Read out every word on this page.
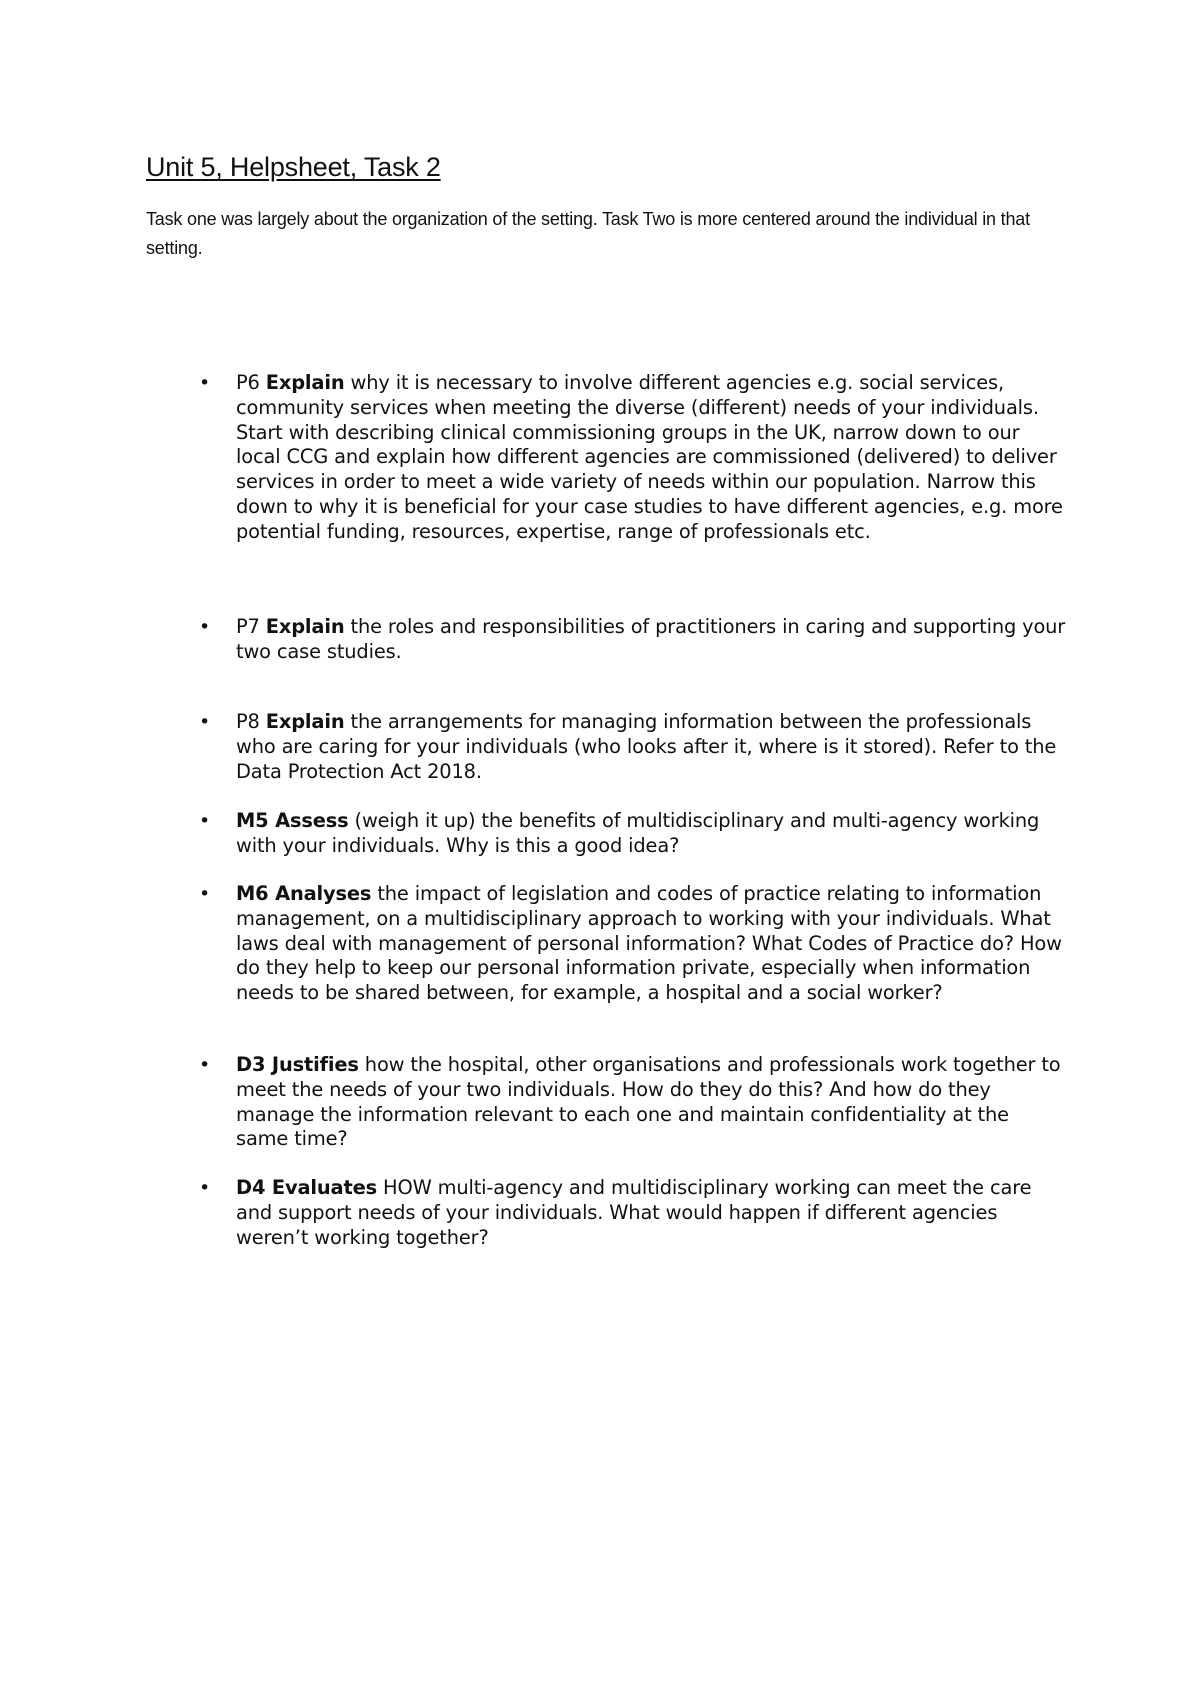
Unit 5, Helpsheet, Task 2

Task one was largely about the organization of the setting. Task Two is more centered around the individual in that setting.

• P6 Explain why it is necessary to involve different agencies e.g. social services, community services when meeting the diverse (different) needs of your individuals. Start with describing clinical commissioning groups in the UK, narrow down to our local CCG and explain how different agencies are commissioned (delivered) to deliver services in order to meet a wide variety of needs within our population. Narrow this down to why it is beneficial for your case studies to have different agencies, e.g. more potential funding, resources, expertise, range of professionals etc.
• P7 Explain the roles and responsibilities of practitioners in caring and supporting your two case studies.
• P8 Explain the arrangements for managing information between the professionals who are caring for your individuals (who looks after it, where is it stored). Refer to the Data Protection Act 2018.
• M5 Assess (weigh it up) the benefits of multidisciplinary and multi-agency working with your individuals. Why is this a good idea?
• M6 Analyses the impact of legislation and codes of practice relating to information management, on a multidisciplinary approach to working with your individuals. What laws deal with management of personal information? What Codes of Practice do? How do they help to keep our personal information private, especially when information needs to be shared between, for example, a hospital and a social worker?
• D3 Justifies how the hospital, other organisations and professionals work together to meet the needs of your two individuals. How do they do this? And how do they manage the information relevant to each one and maintain confidentiality at the same time?
• D4 Evaluates HOW multi-agency and multidisciplinary working can meet the care and support needs of your individuals. What would happen if different agencies weren’t working together?
